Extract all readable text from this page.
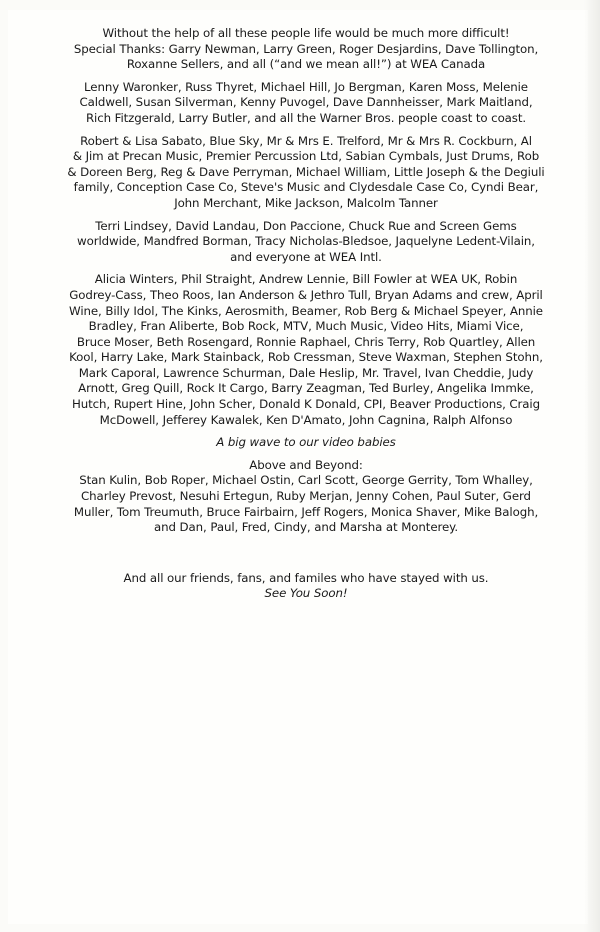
Without the help of all these people life would be much more difficult!
Special Thanks: Garry Newman, Larry Green, Roger Desjardins, Dave Tollington,
Roxanne Sellers, and all (“and we mean all!”) at WEA Canada
Lenny Waronker, Russ Thyret, Michael Hill, Jo Bergman, Karen Moss, Melenie
Caldwell, Susan Silverman, Kenny Puvogel, Dave Dannheisser, Mark Maitland,
Rich Fitzgerald, Larry Butler, and all the Warner Bros. people coast to coast.
Robert & Lisa Sabato, Blue Sky, Mr & Mrs E. Trelford, Mr & Mrs R. Cockburn, Al
& Jim at Precan Music, Premier Percussion Ltd, Sabian Cymbals, Just Drums, Rob
& Doreen Berg, Reg & Dave Perryman, Michael William, Little Joseph & the Degiuli
family, Conception Case Co, Steve's Music and Clydesdale Case Co, Cyndi Bear,
John Merchant, Mike Jackson, Malcolm Tanner
Terri Lindsey, David Landau, Don Paccione, Chuck Rue and Screen Gems
worldwide, Mandfred Borman, Tracy Nicholas-Bledsoe, Jaquelyne Ledent-Vilain,
and everyone at WEA Intl.
Alicia Winters, Phil Straight, Andrew Lennie, Bill Fowler at WEA UK, Robin
Godrey-Cass, Theo Roos, Ian Anderson & Jethro Tull, Bryan Adams and crew, April
Wine, Billy Idol, The Kinks, Aerosmith, Beamer, Rob Berg & Michael Speyer, Annie
Bradley, Fran Aliberte, Bob Rock, MTV, Much Music, Video Hits, Miami Vice,
Bruce Moser, Beth Rosengard, Ronnie Raphael, Chris Terry, Rob Quartley, Allen
Kool, Harry Lake, Mark Stainback, Rob Cressman, Steve Waxman, Stephen Stohn,
Mark Caporal, Lawrence Schurman, Dale Heslip, Mr. Travel, Ivan Cheddie, Judy
Arnott, Greg Quill, Rock It Cargo, Barry Zeagman, Ted Burley, Angelika Immke,
Hutch, Rupert Hine, John Scher, Donald K Donald, CPI, Beaver Productions, Craig
McDowell, Jefferey Kawalek, Ken D'Amato, John Cagnina, Ralph Alfonso
A big wave to our video babies
Above and Beyond:
Stan Kulin, Bob Roper, Michael Ostin, Carl Scott, George Gerrity, Tom Whalley,
Charley Prevost, Nesuhi Ertegun, Ruby Merjan, Jenny Cohen, Paul Suter, Gerd
Muller, Tom Treumuth, Bruce Fairbairn, Jeff Rogers, Monica Shaver, Mike Balogh,
and Dan, Paul, Fred, Cindy, and Marsha at Monterey.
And all our friends, fans, and familes who have stayed with us.
See You Soon!
